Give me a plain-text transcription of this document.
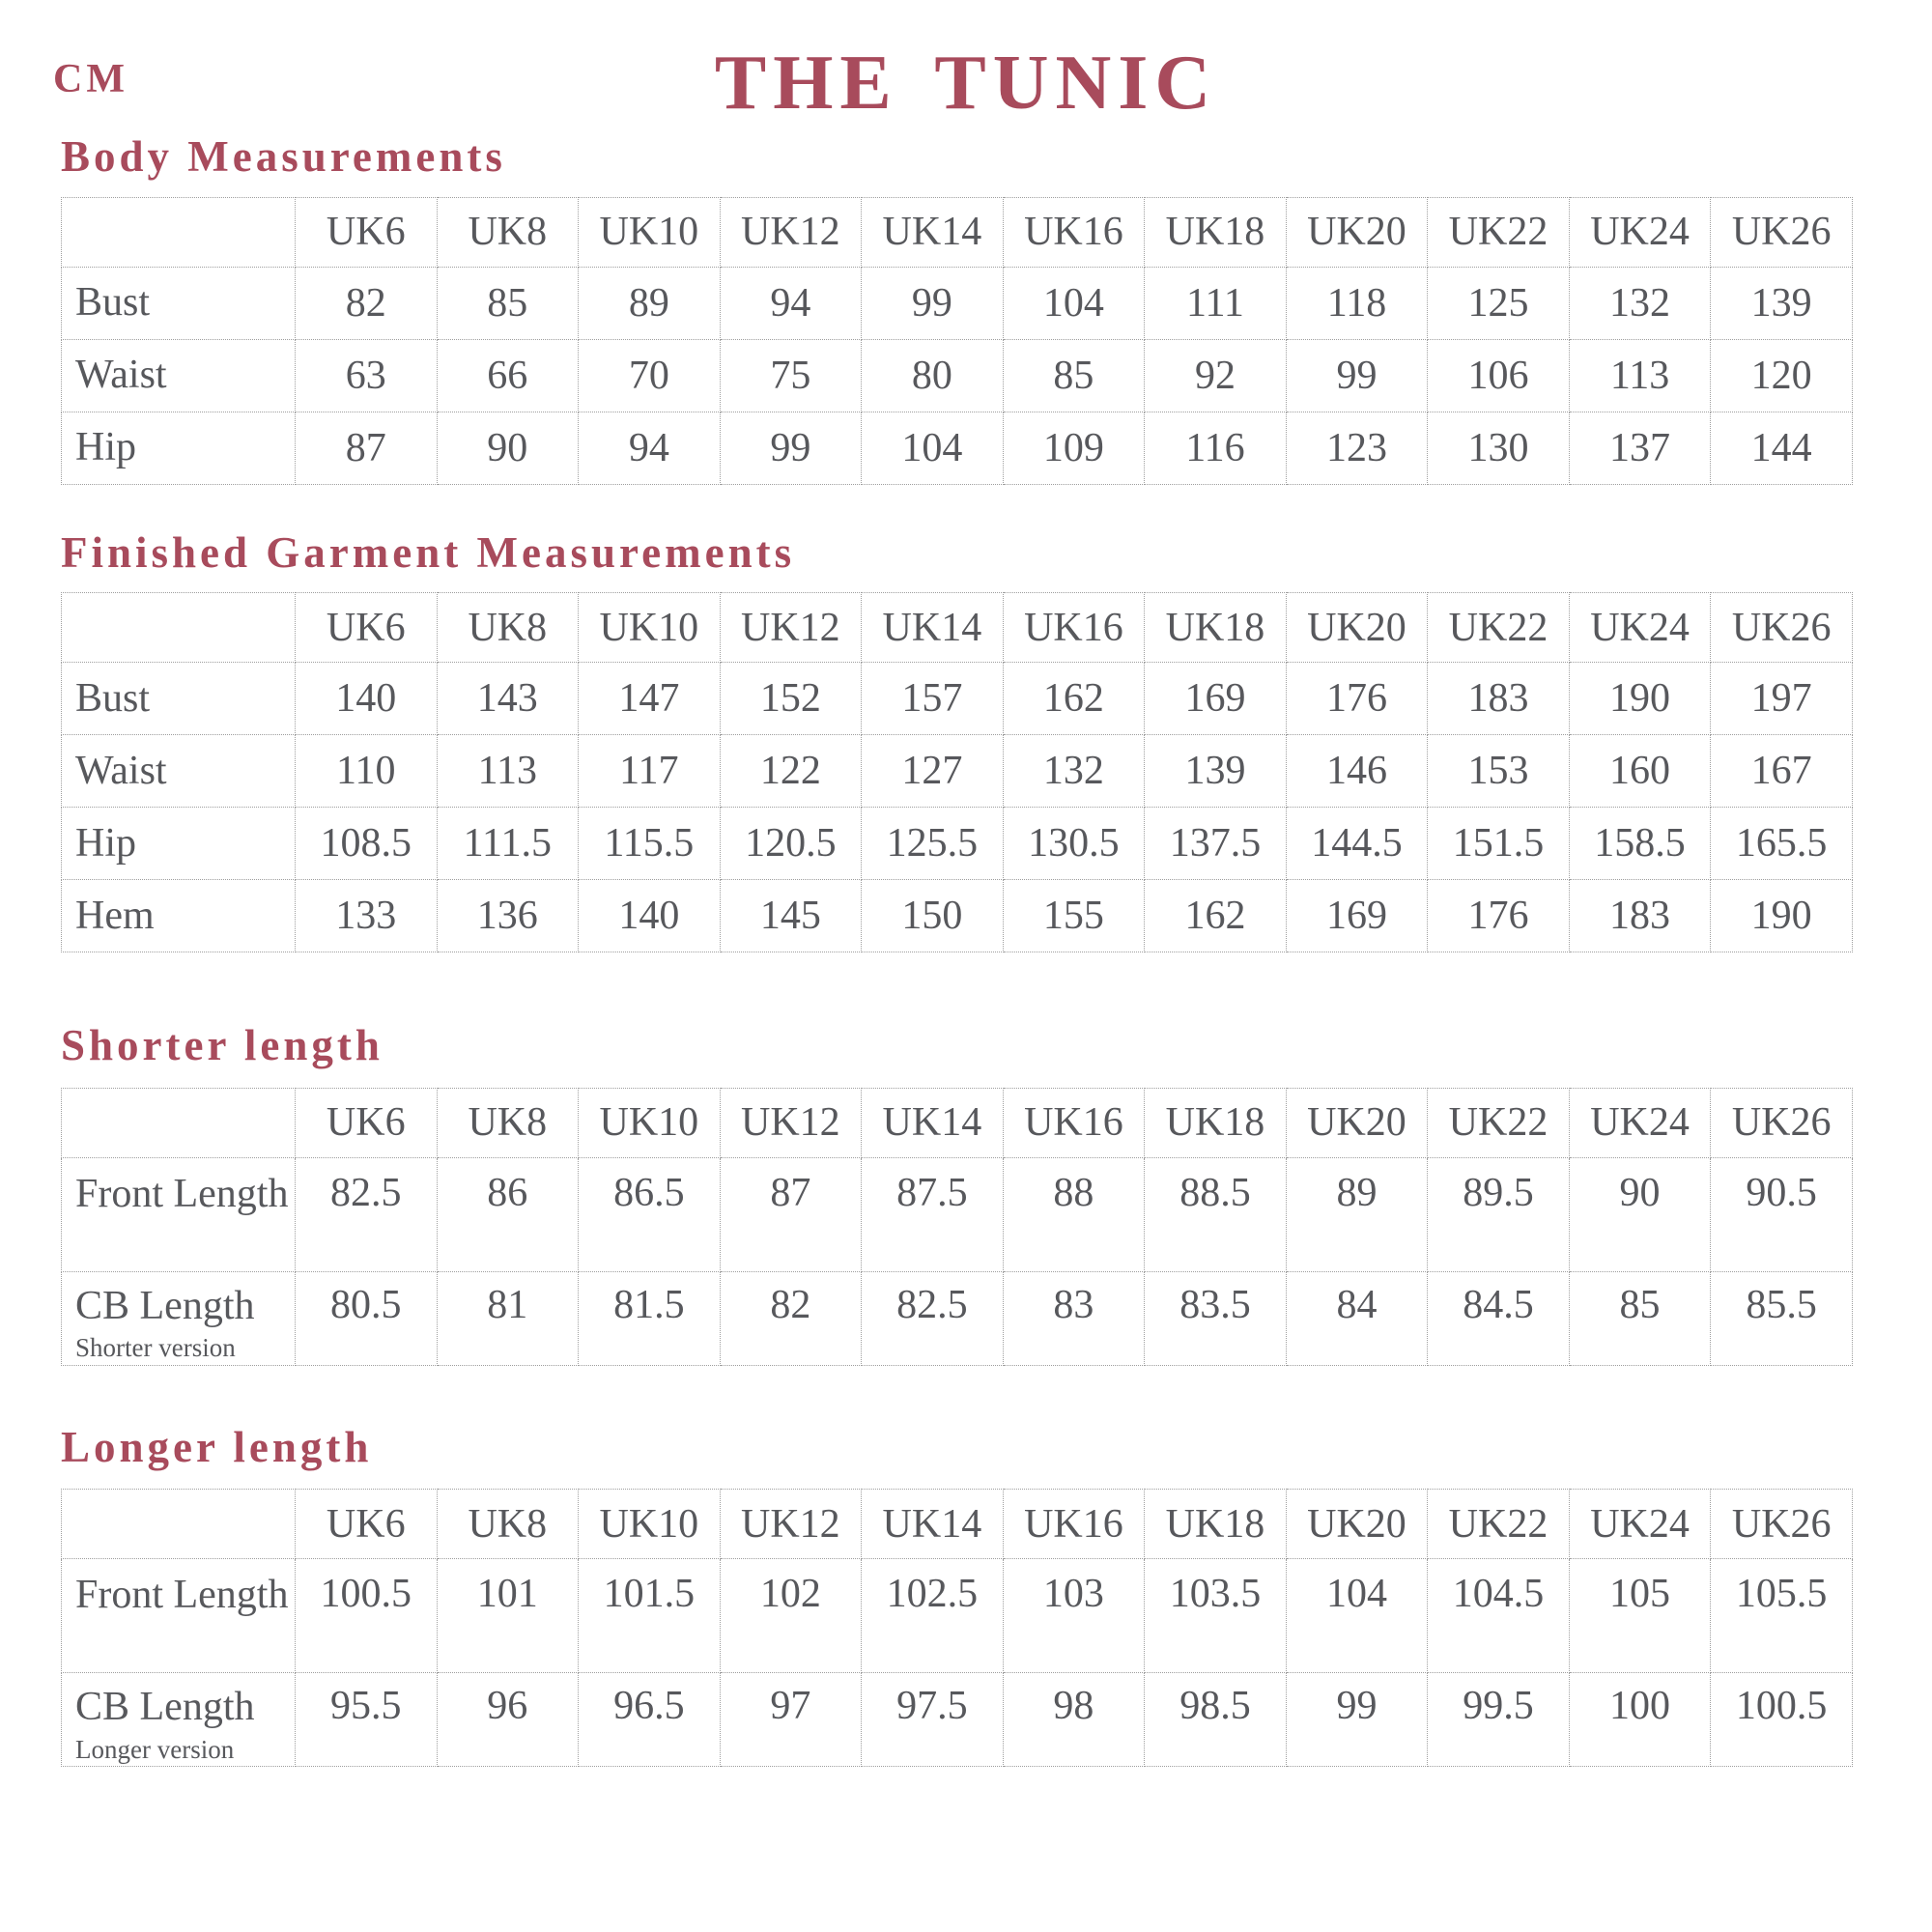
CM	THE TUNIC
Body Measurements
	UK6	UK8	UK10	UK12	UK14	UK16	UK18	UK20	UK22	UK24	UK26

Bust	82	85	89	94	99	104	111	118	125	132	139

Waist	63	66	70	75	80	85	92	99	106	113	120

Hip	87	90	94	99	104	109	116	123	130	137	144
Finished Garment Measurements
	UK6	UK8	UK10	UK12	UK14	UK16	UK18	UK20	UK22	UK24	UK26

Bust	140	143	147	152	157	162	169	176	183	190	197

Waist	110	113	117	122	127	132	139	146	153	160	167

Hip	108.5	111.5	115.5	120.5	125.5	130.5	137.5	144.5	151.5	158.5	165.5

Hem	133	136	140	145	150	155	162	169	176	183	190
Shorter length
	UK6	UK8	UK10	UK12	UK14	UK16	UK18	UK20	UK22	UK24	UK26

Front Length	82.5	86	86.5	87	87.5	88	88.5	89	89.5	90	90.5

CB Length
Shorter version	80.5	81	81.5	82	82.5	83	83.5	84	84.5	85	85.5
Longer length
	UK6	UK8	UK10	UK12	UK14	UK16	UK18	UK20	UK22	UK24	UK26

Front Length	100.5	101	101.5	102	102.5	103	103.5	104	104.5	105	105.5

CB Length
Longer version	95.5	96	96.5	97	97.5	98	98.5	99	99.5	100	100.5
